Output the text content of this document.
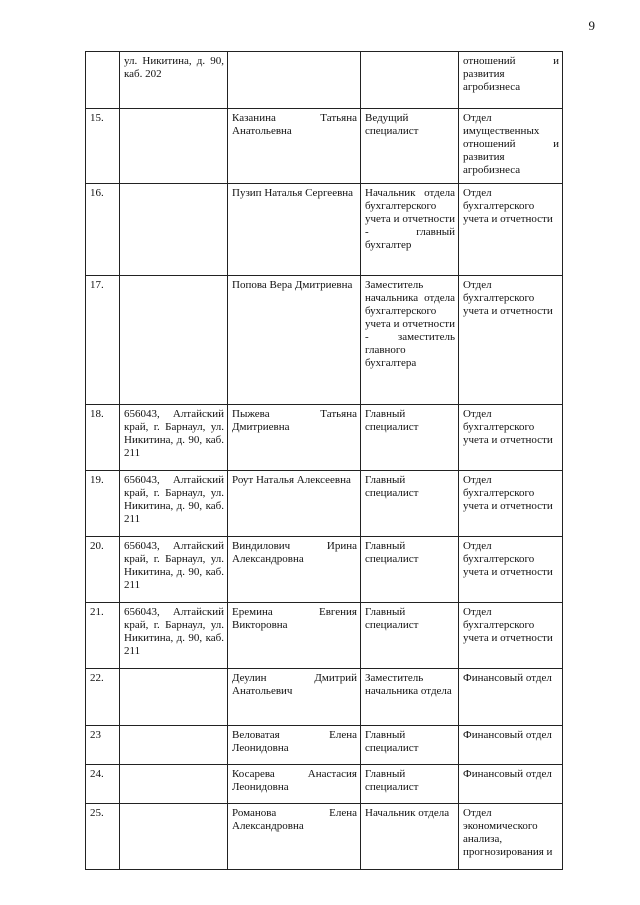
9
	ул. Никитина, д. 90, каб. 202			отношений и развития агробизнеса
15.		Казанина Татьяна Анатольевна	Ведущий специалист	Отдел имущественных отношений и развития агробизнеса
16.		Пузип Наталья Сергеевна	Начальник отдела бухгалтерского учета и отчетности - главный бухгалтер	Отдел бухгалтерского учета и отчетности
17.		Попова Вера Дмитриевна	Заместитель начальника отдела бухгалтерского учета и отчетности - заместитель главного бухгалтера	Отдел бухгалтерского учета и отчетности
18.	656043, Алтайский край, г. Барнаул, ул. Никитина, д. 90, каб. 211	Пыжева Татьяна Дмитриевна	Главный специалист	Отдел бухгалтерского учета и отчетности
19.	656043, Алтайский край, г. Барнаул, ул. Никитина, д. 90, каб. 211	Роут Наталья Алексеевна	Главный специалист	Отдел бухгалтерского учета и отчетности
20.	656043, Алтайский край, г. Барнаул, ул. Никитина, д. 90, каб. 211	Виндилович Ирина Александровна	Главный специалист	Отдел бухгалтерского учета и отчетности
21.	656043, Алтайский край, г. Барнаул, ул. Никитина, д. 90, каб. 211	Еремина Евгения Викторовна	Главный специалист	Отдел бухгалтерского учета и отчетности
22.		Деулин Дмитрий Анатольевич	Заместитель начальника отдела	Финансовый отдел
23		Веловатая Елена Леонидовна	Главный специалист	Финансовый отдел
24.		Косарева Анастасия Леонидовна	Главный специалист	Финансовый отдел
25.		Романова Елена Александровна	Начальник отдела	Отдел экономического анализа, прогнозирования и
